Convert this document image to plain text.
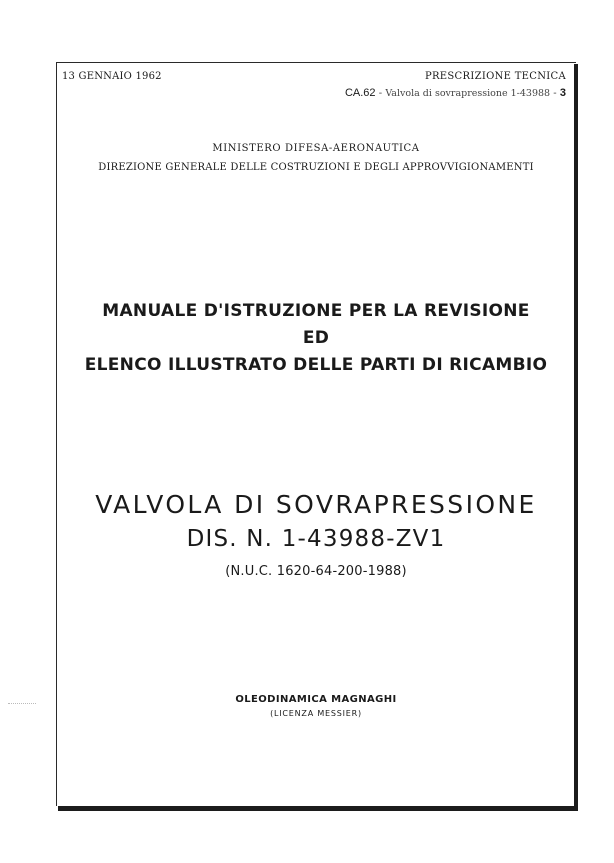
13 GENNAIO 1962	PRESCRIZIONE TECNICA
CA.62 - Valvola di sovrapressione 1-43988 - 3
MINISTERO DIFESA-AERONAUTICA
DIREZIONE GENERALE DELLE COSTRUZIONI E DEGLI APPROVVIGIONAMENTI
MANUALE D'ISTRUZIONE PER LA REVISIONE
ED
ELENCO ILLUSTRATO DELLE PARTI DI RICAMBIO
VALVOLA DI SOVRAPRESSIONE
DIS. N. 1-43988-ZV1
(N.U.C. 1620-64-200-1988)
OLEODINAMICA MAGNAGHI
(LICENZA MESSIER)
